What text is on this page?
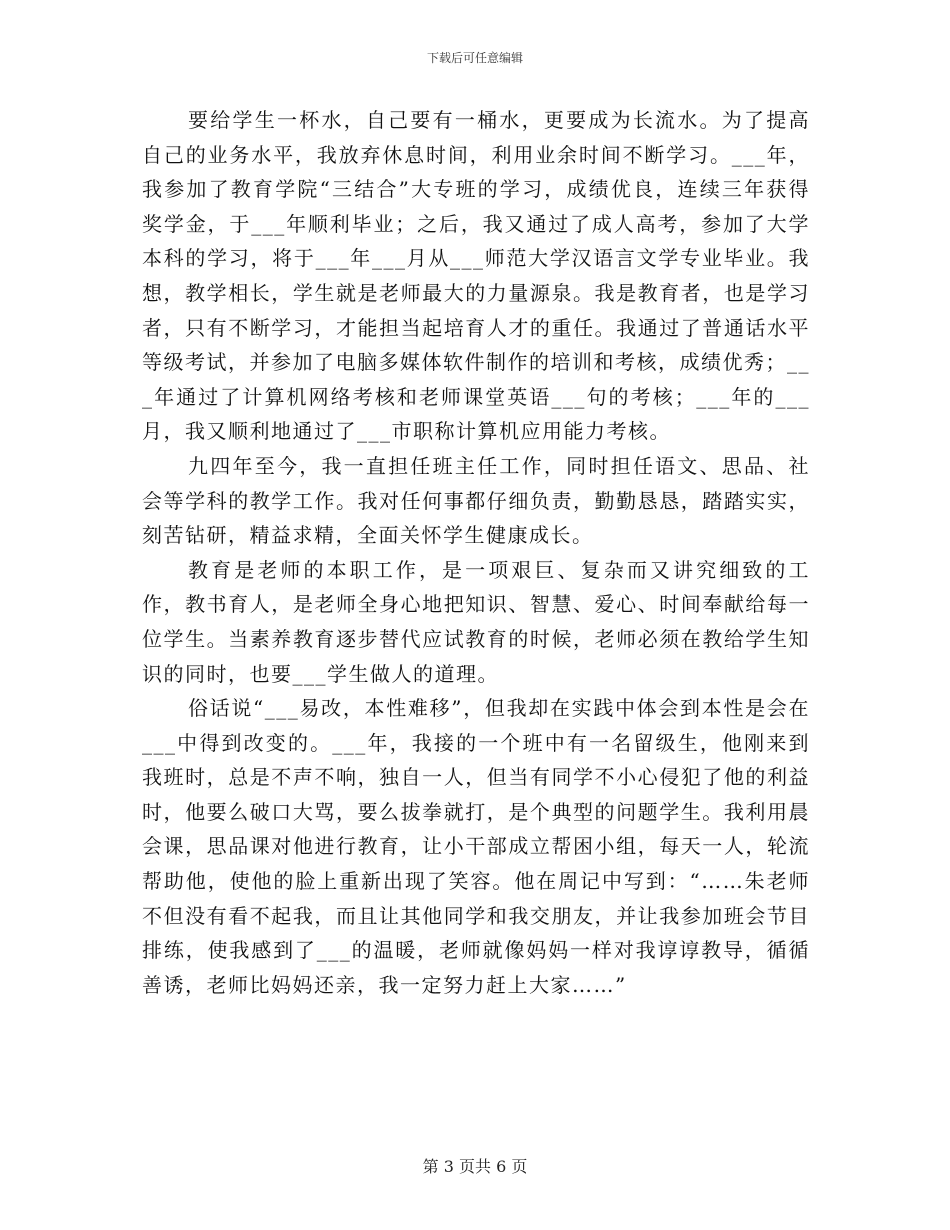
下载后可任意编辑

要给学生一杯水，自己要有一桶水，更要成为长流水。为了提高自己的业务水平，我放弃休息时间，利用业余时间不断学习。___年，我参加了教育学院“三结合”大专班的学习，成绩优良，连续三年获得奖学金，于___年顺利毕业；之后，我又通过了成人高考，参加了大学本科的学习，将于___年___月从___师范大学汉语言文学专业毕业。我想，教学相长，学生就是老师最大的力量源泉。我是教育者，也是学习者，只有不断学习，才能担当起培育人才的重任。我通过了普通话水平等级考试，并参加了电脑多媒体软件制作的培训和考核，成绩优秀；___年通过了计算机网络考核和老师课堂英语___句的考核；___年的___月，我又顺利地通过了___市职称计算机应用能力考核。

九四年至今，我一直担任班主任工作，同时担任语文、思品、社会等学科的教学工作。我对任何事都仔细负责，勤勤恳恳，踏踏实实，刻苦钻研，精益求精，全面关怀学生健康成长。

教育是老师的本职工作，是一项艰巨、复杂而又讲究细致的工作，教书育人，是老师全身心地把知识、智慧、爱心、时间奉献给每一位学生。当素养教育逐步替代应试教育的时候，老师必须在教给学生知识的同时，也要___学生做人的道理。

俗话说“___易改，本性难移”，但我却在实践中体会到本性是会在___中得到改变的。___年，我接的一个班中有一名留级生，他刚来到我班时，总是不声不响，独自一人，但当有同学不小心侵犯了他的利益时，他要么破口大骂，要么拔拳就打，是个典型的问题学生。我利用晨会课，思品课对他进行教育，让小干部成立帮困小组，每天一人，轮流帮助他，使他的脸上重新出现了笑容。他在周记中写到：“……朱老师不但没有看不起我，而且让其他同学和我交朋友，并让我参加班会节目排练，使我感到了___的温暖，老师就像妈妈一样对我谆谆教导，循循善诱，老师比妈妈还亲，我一定努力赶上大家……”

第 3 页共 6 页
